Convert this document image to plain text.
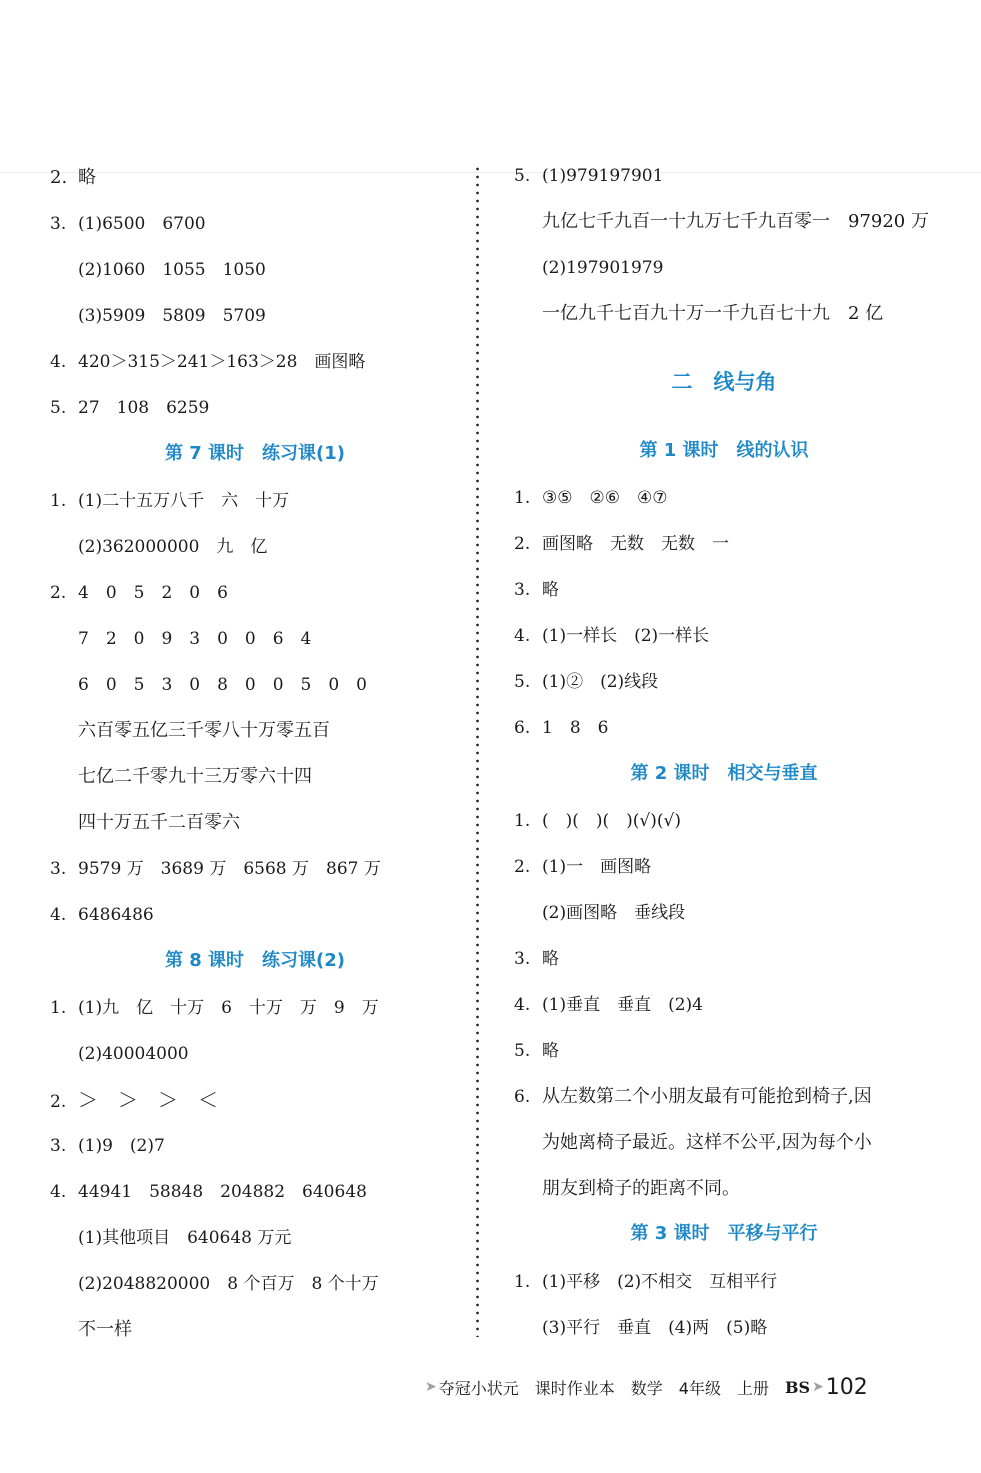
2. 略
3. (1)6500　6700
(2)1060　1055　1050
(3)5909　5809　5709
4. 420＞315＞241＞163＞28　画图略
5. 27　108　6259
第 7 课时　练习课(1)
1. (1)二十五万八千　六　十万
(2)362000000　九　亿
2. 4　0　5　2　0　6
7　2　0　9　3　0　0　6　4
6　0　5　3　0　8　0　0　5　0　0
六百零五亿三千零八十万零五百
七亿二千零九十三万零六十四
四十万五千二百零六
3. 9579 万　3689 万　6568 万　867 万
4. 6486486
第 8 课时　练习课(2)
1. (1)九　亿　十万　6　十万　万　9　万
(2)40004000
2. ＞　＞　＞　＜
3. (1)9　(2)7
4. 44941　58848　204882　640648
(1)其他项目　640648 万元
(2)2048820000　8 个百万　8 个十万
不一样
5. (1)979197901
九亿七千九百一十九万七千九百零一　97920 万
(2)197901979
一亿九千七百九十万一千九百七十九　2 亿
二　线与角
第 1 课时　线的认识
1. ③⑤　②⑥　④⑦
2. 画图略　无数　无数　一
3. 略
4. (1)一样长　(2)一样长
5. (1)②　(2)线段
6. 1　8　6
第 2 课时　相交与垂直
1. (　)(　)(　)(√)(√)
2. (1)一　画图略
(2)画图略　垂线段
3. 略
4. (1)垂直　垂直　(2)4
5. 略
6. 从左数第二个小朋友最有可能抢到椅子,因
为她离椅子最近。这样不公平,因为每个小
朋友到椅子的距离不同。
第 3 课时　平移与平行
1. (1)平移　(2)不相交　互相平行
(3)平行　垂直　(4)两　(5)略
➤ 夺冠小状元 课时作业本 数学 4年级 上册 BS ➤ 102
